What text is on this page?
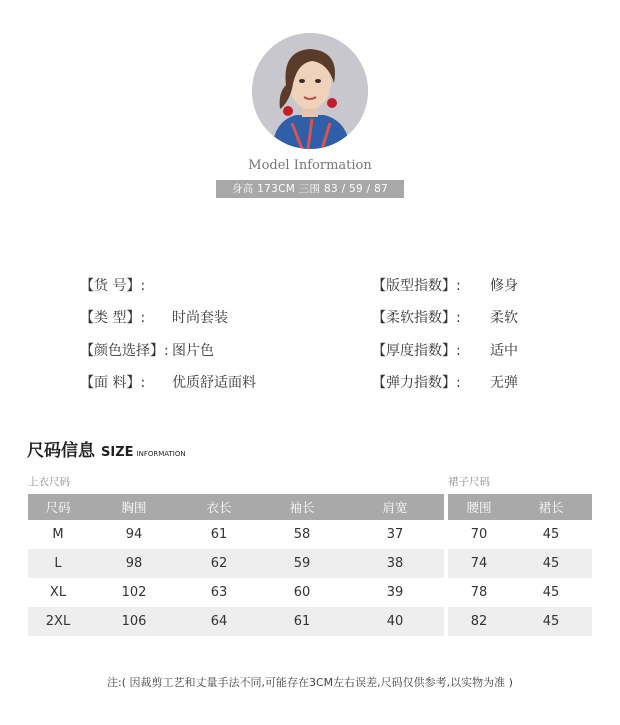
Model Information
身高 173CM 三围 83 / 59 / 87
【货 号】:
【类 型】: 时尚套装
【颜色选择】: 图片色
【面 料】: 优质舒适面料
【版型指数】: 修身
【柔软指数】: 柔软
【厚度指数】: 适中
【弹力指数】: 无弹
尺码信息 SIZE INFORMATION
上衣尺码	裙子尺码
尺码	胸围	衣长	袖长	肩宽
M	94	61	58	37
L	98	62	59	38
XL	102	63	60	39
2XL	106	64	61	40
腰围	裙长
70	45
74	45
78	45
82	45
注:( 因裁剪工艺和丈量手法不同,可能存在3CM左右误差,尺码仅供参考,以实物为准 )
